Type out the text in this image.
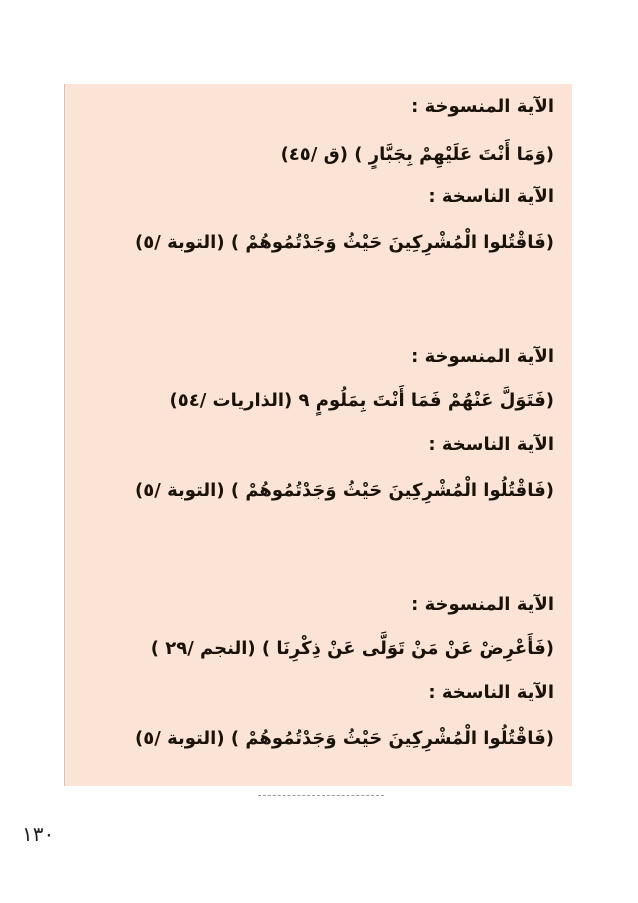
الآية المنسوخة :

(وَمَا أَنْتَ عَلَيْهِمْ بِجَبَّارٍ ) (ق /٤٥)

الآية الناسخة :

(فَاقْتُلوا الْمُشْرِكِينَ حَيْثُ وَجَدْتُمُوهُمْ ) (التوبة /٥)

الآية المنسوخة :

(فَتَوَلَّ عَنْهُمْ فَمَا أَنْتَ بِمَلُومٍ ٩ (الذاريات /٥٤)

الآية الناسخة :

(فَاقْتُلُوا الْمُشْرِكِينَ حَيْثُ وَجَدْتُمُوهُمْ ) (التوبة /٥)

الآية المنسوخة :

(فَأَعْرِضْ عَنْ مَنْ تَوَلَّى عَنْ ذِكْرِنَا ) (النجم /٢٩ )

الآية الناسخة :

(فَاقْتُلُوا الْمُشْرِكِينَ حَيْثُ وَجَدْتُمُوهُمْ ) (التوبة /٥)

١٣٠
